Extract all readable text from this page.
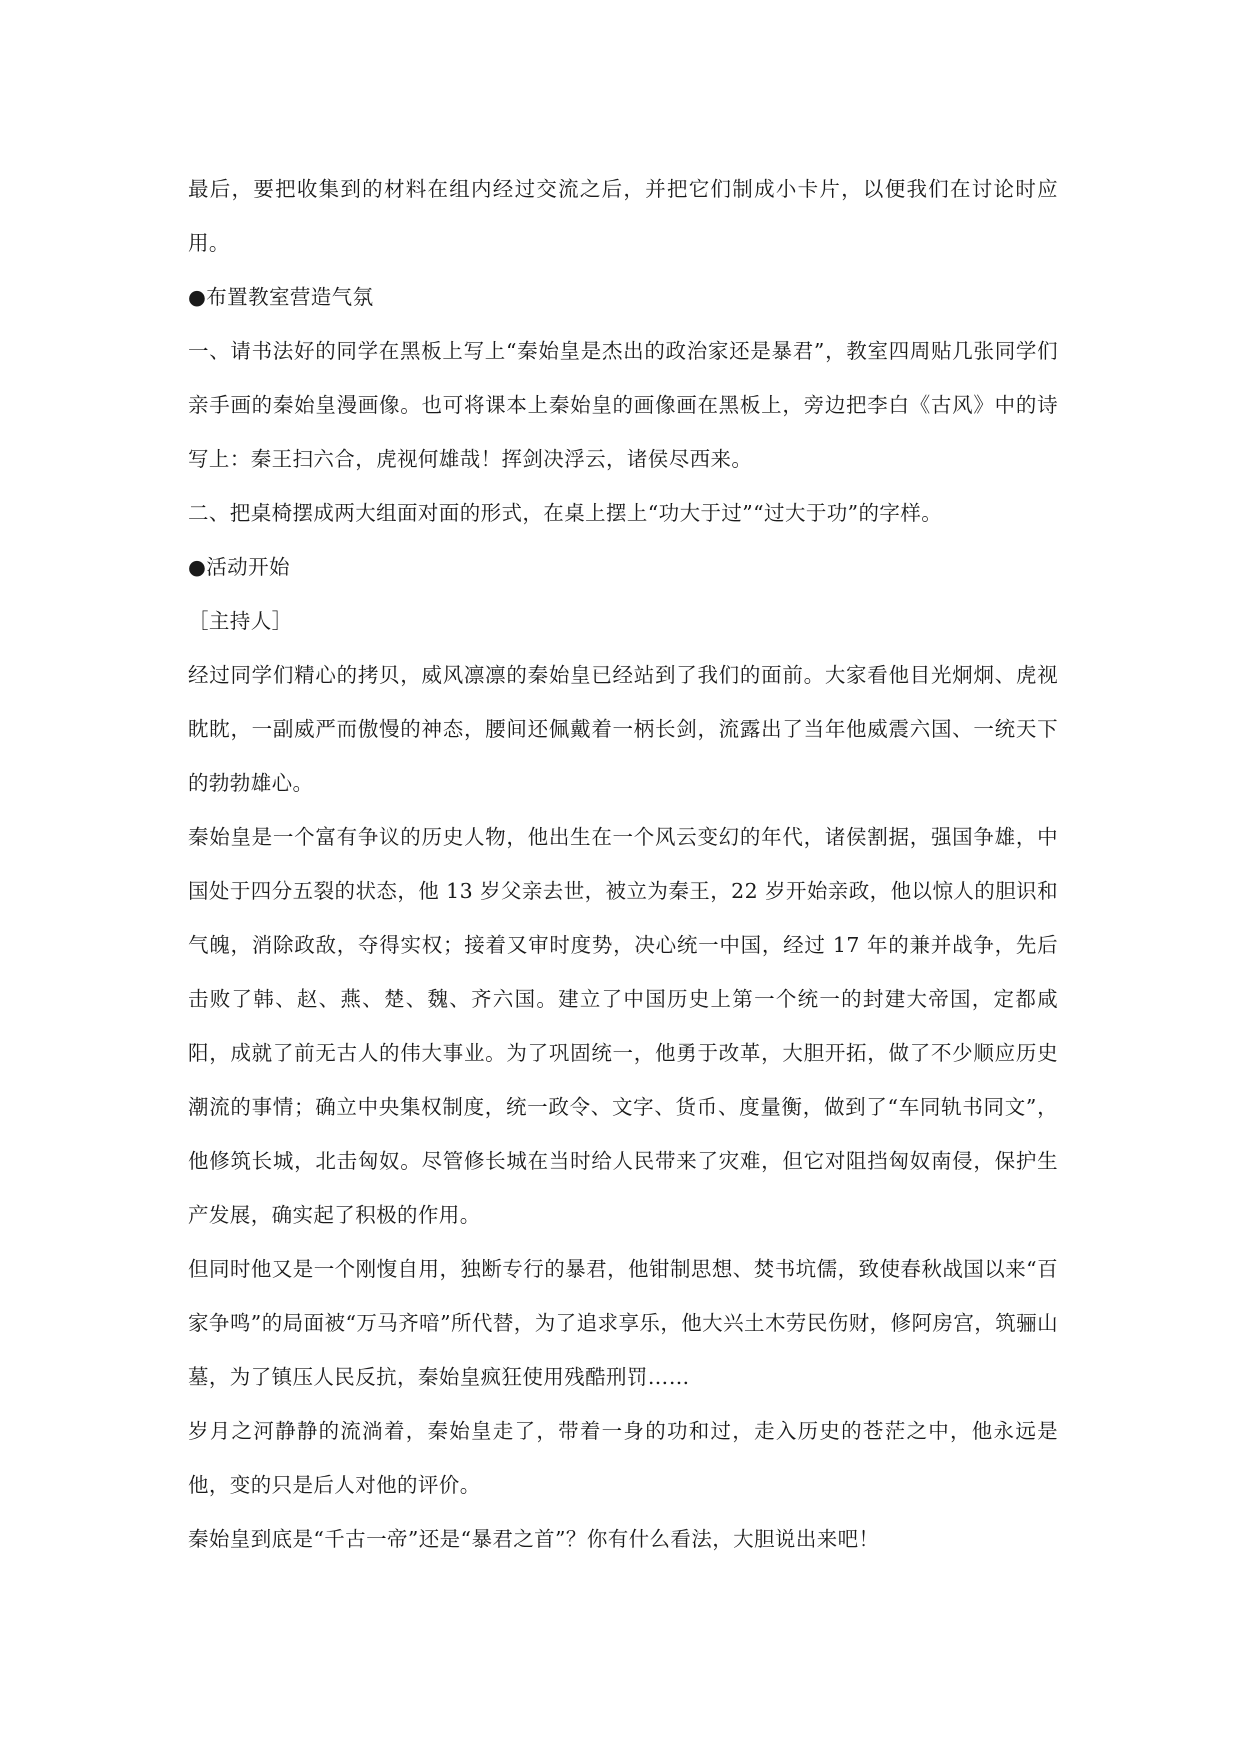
最后，要把收集到的材料在组内经过交流之后，并把它们制成小卡片，以便我们在讨论时应用。

●布置教室营造气氛

一、请书法好的同学在黑板上写上“秦始皇是杰出的政治家还是暴君”，教室四周贴几张同学们亲手画的秦始皇漫画像。也可将课本上秦始皇的画像画在黑板上，旁边把李白《古风》中的诗写上：秦王扫六合，虎视何雄哉！挥剑决浮云，诸侯尽西来。

二、把桌椅摆成两大组面对面的形式，在桌上摆上“功大于过”“过大于功”的字样。

●活动开始

［主持人］

经过同学们精心的拷贝，威风凛凛的秦始皇已经站到了我们的面前。大家看他目光炯炯、虎视眈眈，一副威严而傲慢的神态，腰间还佩戴着一柄长剑，流露出了当年他威震六国、一统天下的勃勃雄心。

秦始皇是一个富有争议的历史人物，他出生在一个风云变幻的年代，诸侯割据，强国争雄，中国处于四分五裂的状态，他 13 岁父亲去世，被立为秦王，22 岁开始亲政，他以惊人的胆识和气魄，消除政敌，夺得实权；接着又审时度势，决心统一中国，经过 17 年的兼并战争，先后击败了韩、赵、燕、楚、魏、齐六国。建立了中国历史上第一个统一的封建大帝国，定都咸阳，成就了前无古人的伟大事业。为了巩固统一，他勇于改革，大胆开拓，做了不少顺应历史潮流的事情；确立中央集权制度，统一政令、文字、货币、度量衡，做到了“车同轨书同文”，他修筑长城，北击匈奴。尽管修长城在当时给人民带来了灾难，但它对阻挡匈奴南侵，保护生产发展，确实起了积极的作用。

但同时他又是一个刚愎自用，独断专行的暴君，他钳制思想、焚书坑儒，致使春秋战国以来“百家争鸣”的局面被“万马齐喑”所代替，为了追求享乐，他大兴土木劳民伤财，修阿房宫，筑骊山墓，为了镇压人民反抗，秦始皇疯狂使用残酷刑罚……

岁月之河静静的流淌着，秦始皇走了，带着一身的功和过，走入历史的苍茫之中，他永远是他，变的只是后人对他的评价。

秦始皇到底是“千古一帝”还是“暴君之首”？你有什么看法，大胆说出来吧！
